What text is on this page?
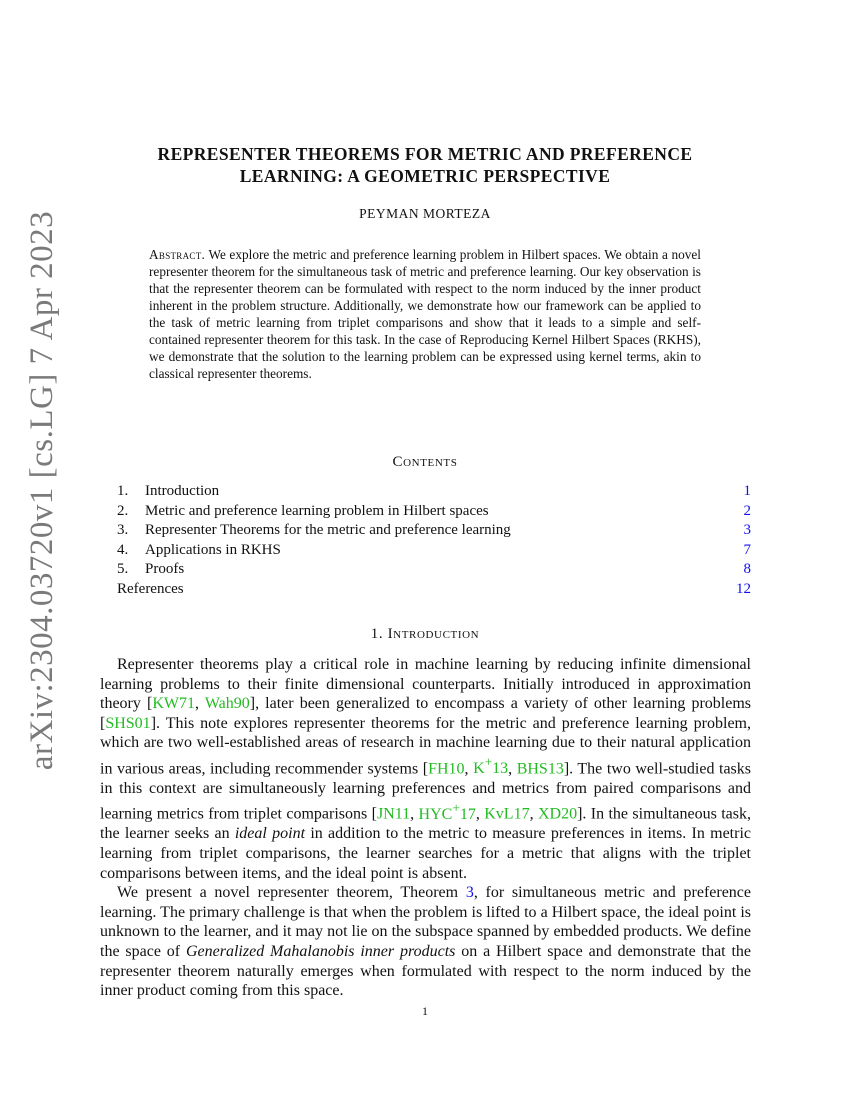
arXiv:2304.03720v1 [cs.LG] 7 Apr 2023
REPRESENTER THEOREMS FOR METRIC AND PREFERENCE
LEARNING: A GEOMETRIC PERSPECTIVE
PEYMAN MORTEZA
Abstract. We explore the metric and preference learning problem in Hilbert spaces. We obtain a novel representer theorem for the simultaneous task of metric and preference learning. Our key observation is that the representer theorem can be formulated with respect to the norm induced by the inner product inherent in the problem structure. Additionally, we demonstrate how our framework can be applied to the task of metric learning from triplet comparisons and show that it leads to a simple and self-contained representer theorem for this task. In the case of Reproducing Kernel Hilbert Spaces (RKHS), we demonstrate that the solution to the learning problem can be expressed using kernel terms, akin to classical representer theorems.
Contents
1. Introduction	1
2. Metric and preference learning problem in Hilbert spaces	2
3. Representer Theorems for the metric and preference learning	3
4. Applications in RKHS	7
5. Proofs	8
References	12
1. Introduction

Representer theorems play a critical role in machine learning by reducing infinite dimensional learning problems to their finite dimensional counterparts. Initially introduced in approximation theory [KW71, Wah90], later been generalized to encompass a variety of other learning problems [SHS01]. This note explores representer theorems for the metric and preference learning problem, which are two well-established areas of research in machine learning due to their natural application in various areas, including recommender systems [FH10, K+13, BHS13]. The two well-studied tasks in this context are simultaneously learning preferences and metrics from paired comparisons and learning metrics from triplet comparisons [JN11, HYC+17, KvL17, XD20]. In the simultaneous task, the learner seeks an ideal point in addition to the metric to measure preferences in items. In metric learning from triplet comparisons, the learner searches for a metric that aligns with the triplet comparisons between items, and the ideal point is absent.

We present a novel representer theorem, Theorem 3, for simultaneous metric and preference learning. The primary challenge is that when the problem is lifted to a Hilbert space, the ideal point is unknown to the learner, and it may not lie on the subspace spanned by embedded products. We define the space of Generalized Mahalanobis inner products on a Hilbert space and demonstrate that the representer theorem naturally emerges when formulated with respect to the norm induced by the inner product coming from this space.

1
